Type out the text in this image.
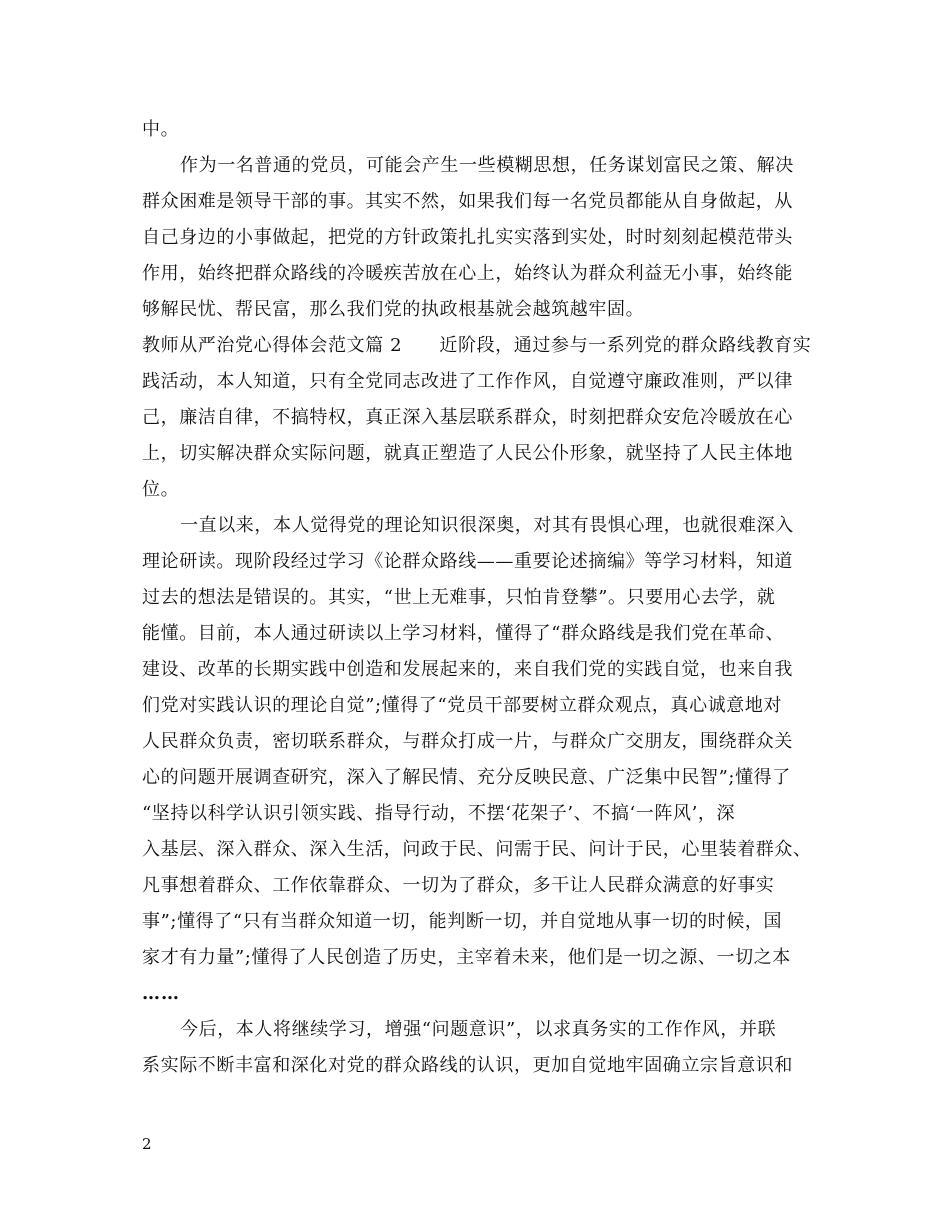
中。
作为一名普通的党员，可能会产生一些模糊思想，任务谋划富民之策、解决
群众困难是领导干部的事。其实不然，如果我们每一名党员都能从自身做起，从
自己身边的小事做起，把党的方针政策扎扎实实落到实处，时时刻刻起模范带头
作用，始终把群众路线的冷暖疾苦放在心上，始终认为群众利益无小事，始终能
够解民忧、帮民富，那么我们党的执政根基就会越筑越牢固。
教师从严治党心得体会范文篇 2　　近阶段，通过参与一系列党的群众路线教育实
践活动，本人知道，只有全党同志改进了工作作风，自觉遵守廉政准则，严以律
己，廉洁自律，不搞特权，真正深入基层联系群众，时刻把群众安危冷暖放在心
上，切实解决群众实际问题，就真正塑造了人民公仆形象，就坚持了人民主体地
位。
一直以来，本人觉得党的理论知识很深奥，对其有畏惧心理，也就很难深入
理论研读。现阶段经过学习《论群众路线——重要论述摘编》等学习材料，知道
过去的想法是错误的。其实，“世上无难事，只怕肯登攀”。只要用心去学，就
能懂。目前，本人通过研读以上学习材料，懂得了“群众路线是我们党在革命、
建设、改革的长期实践中创造和发展起来的，来自我们党的实践自觉，也来自我
们党对实践认识的理论自觉”;懂得了“党员干部要树立群众观点，真心诚意地对
人民群众负责，密切联系群众，与群众打成一片，与群众广交朋友，围绕群众关
心的问题开展调查研究，深入了解民情、充分反映民意、广泛集中民智”;懂得了
“坚持以科学认识引领实践、指导行动，不摆‘花架子’、不搞‘一阵风’，深
入基层、深入群众、深入生活，问政于民、问需于民、问计于民，心里装着群众、
凡事想着群众、工作依靠群众、一切为了群众，多干让人民群众满意的好事实
事”;懂得了“只有当群众知道一切，能判断一切，并自觉地从事一切的时候，国
家才有力量”;懂得了人民创造了历史，主宰着未来，他们是一切之源、一切之本
……
今后，本人将继续学习，增强“问题意识”，以求真务实的工作作风，并联
系实际不断丰富和深化对党的群众路线的认识，更加自觉地牢固确立宗旨意识和
2
